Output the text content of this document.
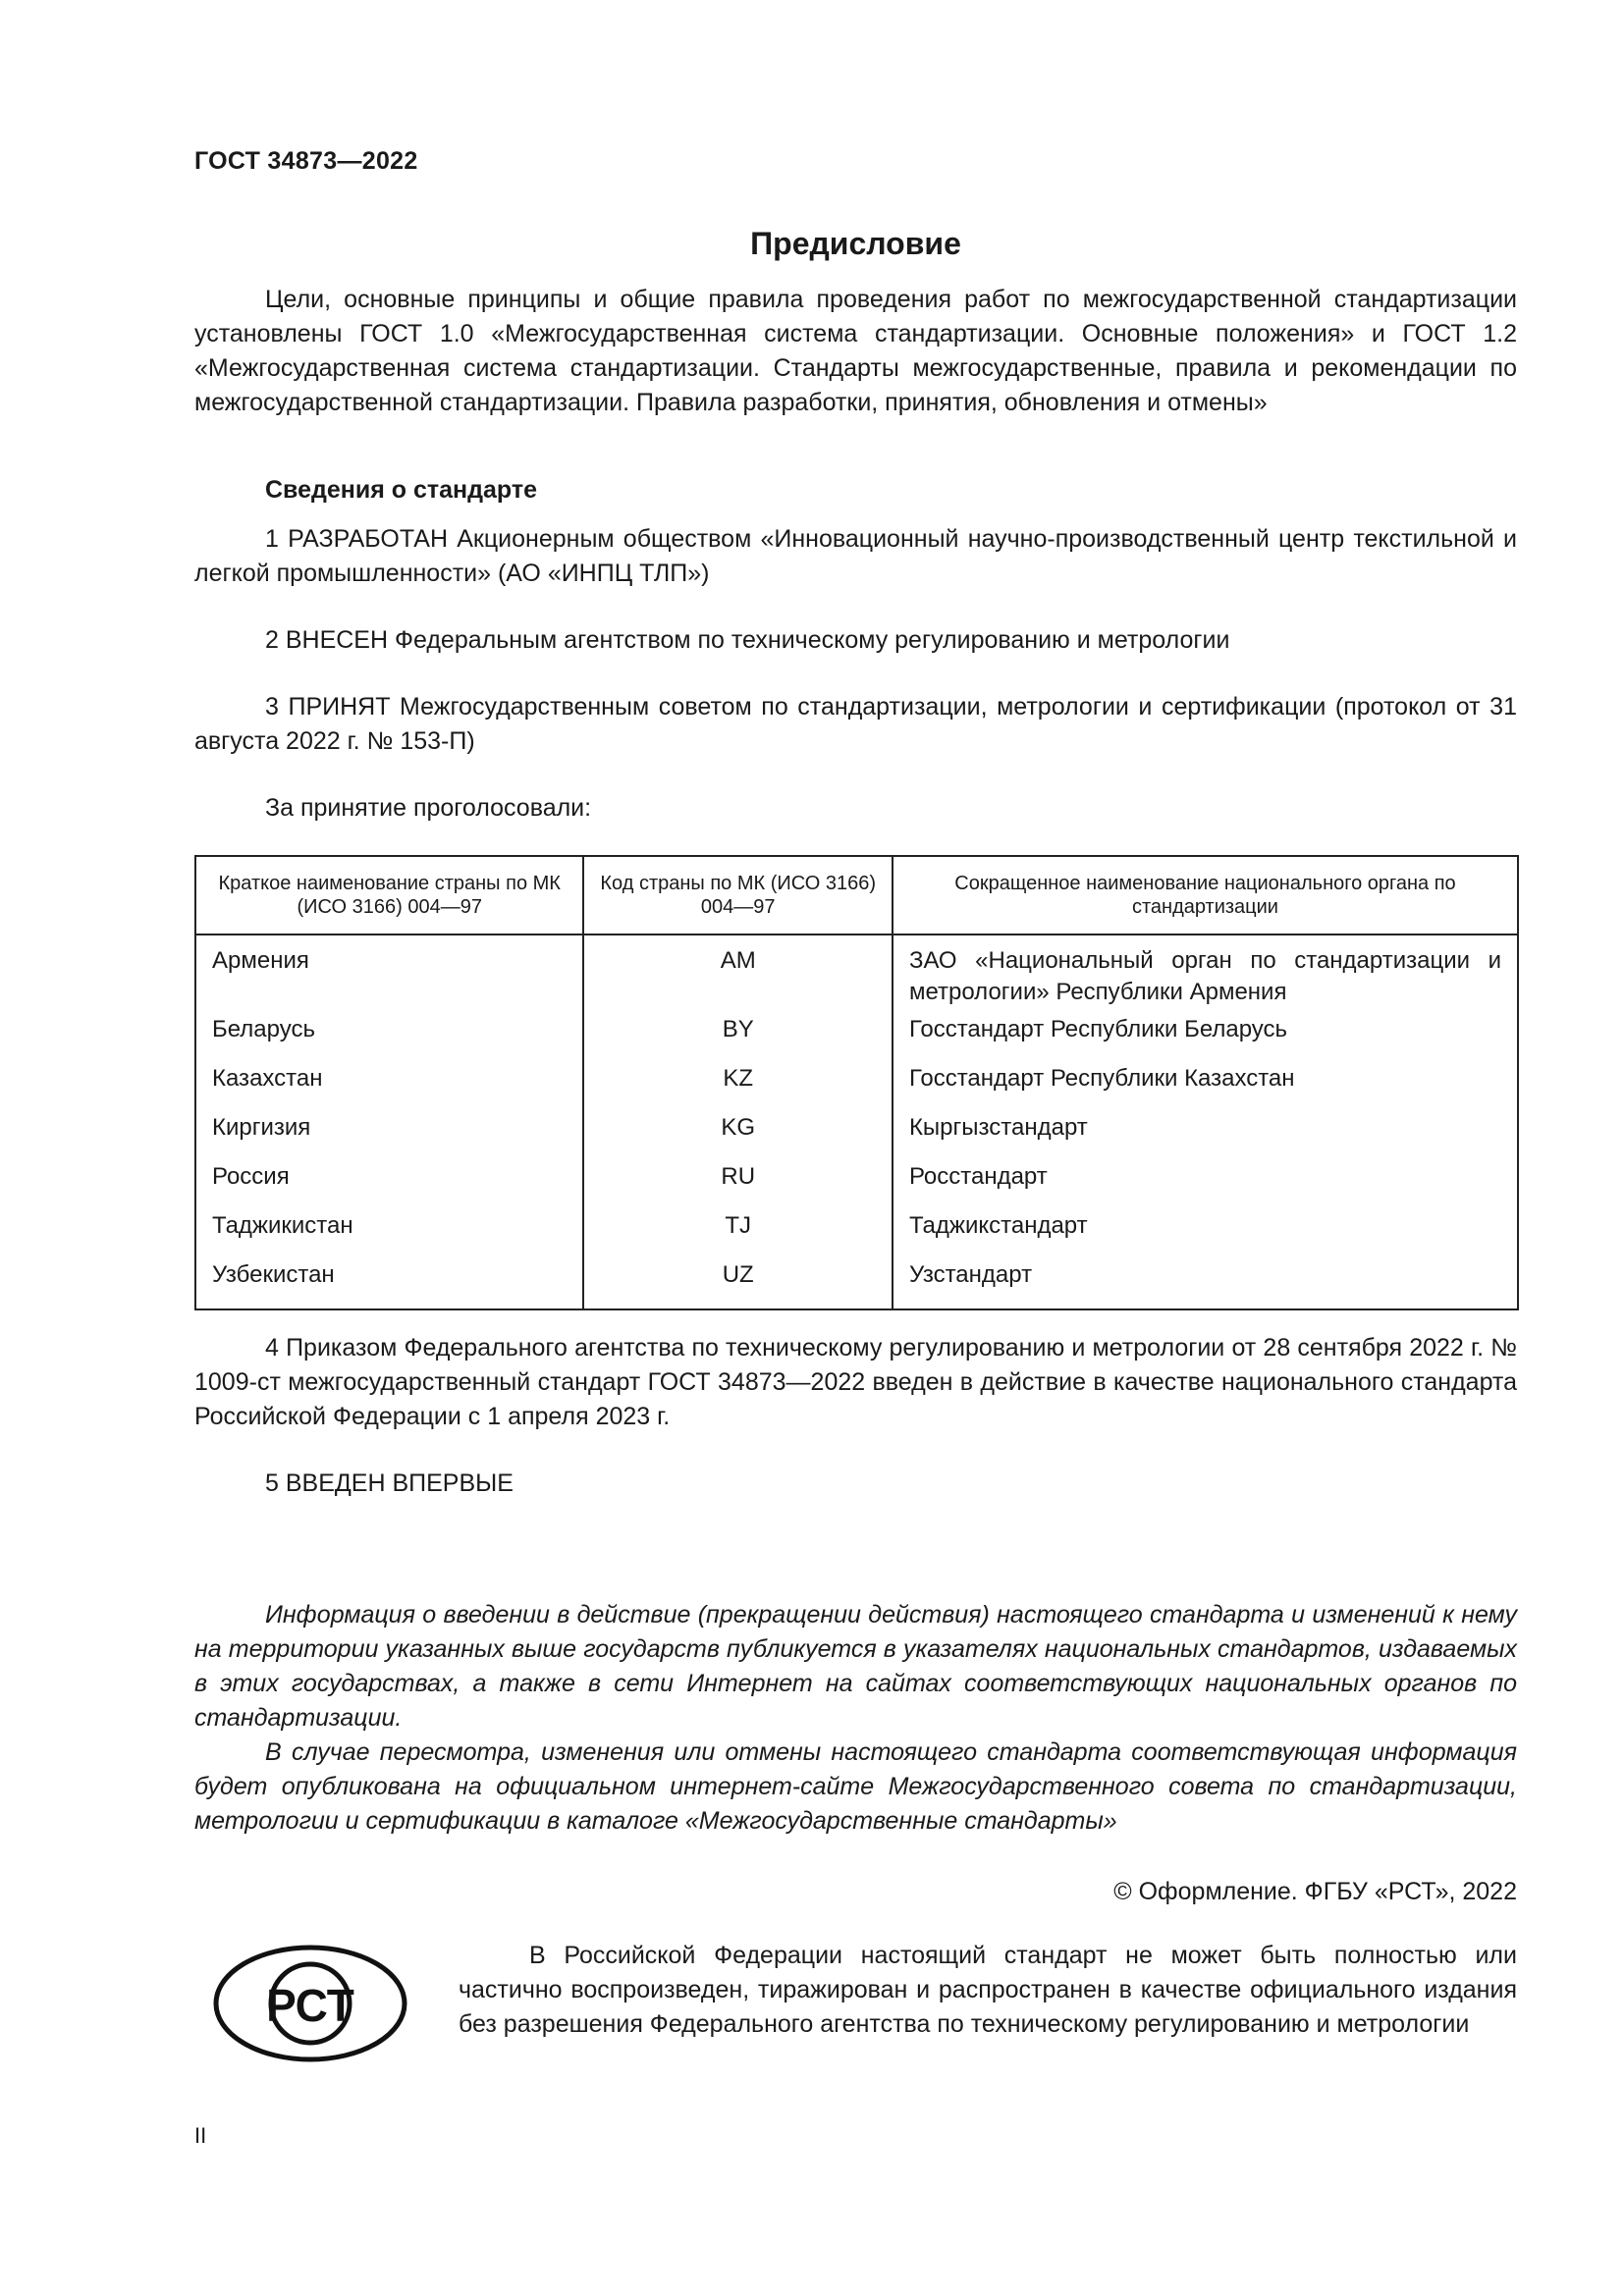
ГОСТ 34873—2022
Предисловие

Цели, основные принципы и общие правила проведения работ по межгосударственной стандартизации установлены ГОСТ 1.0 «Межгосударственная система стандартизации. Основные положения» и ГОСТ 1.2 «Межгосударственная система стандартизации. Стандарты межгосударственные, правила и рекомендации по межгосударственной стандартизации. Правила разработки, принятия, обновления и отмены»

Сведения о стандарте

1 РАЗРАБОТАН Акционерным обществом «Инновационный научно-производственный центр текстильной и легкой промышленности» (АО «ИНПЦ ТЛП»)

2 ВНЕСЕН Федеральным агентством по техническому регулированию и метрологии

3 ПРИНЯТ Межгосударственным советом по стандартизации, метрологии и сертификации (протокол от 31 августа 2022 г. № 153-П)

За принятие проголосовали:

Краткое наименование страны по МК (ИСО 3166) 004—97	Код страны по МК (ИСО 3166) 004—97	Сокращенное наименование национального органа по стандартизации
Армения	AM	ЗАО «Национальный орган по стандартизации и метрологии» Республики Армения
Беларусь	BY	Госстандарт Республики Беларусь
Казахстан	KZ	Госстандарт Республики Казахстан
Киргизия	KG	Кыргызстандарт
Россия	RU	Росстандарт
Таджикистан	TJ	Таджикстандарт
Узбекистан	UZ	Узстандарт

4 Приказом Федерального агентства по техническому регулированию и метрологии от 28 сентября 2022 г. № 1009-ст межгосударственный стандарт ГОСТ 34873—2022 введен в действие в качестве национального стандарта Российской Федерации с 1 апреля 2023 г.

5 ВВЕДЕН ВПЕРВЫЕ

Информация о введении в действие (прекращении действия) настоящего стандарта и изменений к нему на территории указанных выше государств публикуется в указателях национальных стандартов, издаваемых в этих государствах, а также в сети Интернет на сайтах соответствующих национальных органов по стандартизации.

В случае пересмотра, изменения или отмены настоящего стандарта соответствующая информация будет опубликована на официальном интернет-сайте Межгосударственного совета по стандартизации, метрологии и сертификации в каталоге «Межгосударственные стандарты»

© Оформление. ФГБУ «РСТ», 2022
РСТ

В Российской Федерации настоящий стандарт не может быть полностью или частично воспроизведен, тиражирован и распространен в качестве официального издания без разрешения Федерального агентства по техническому регулированию и метрологии

II
